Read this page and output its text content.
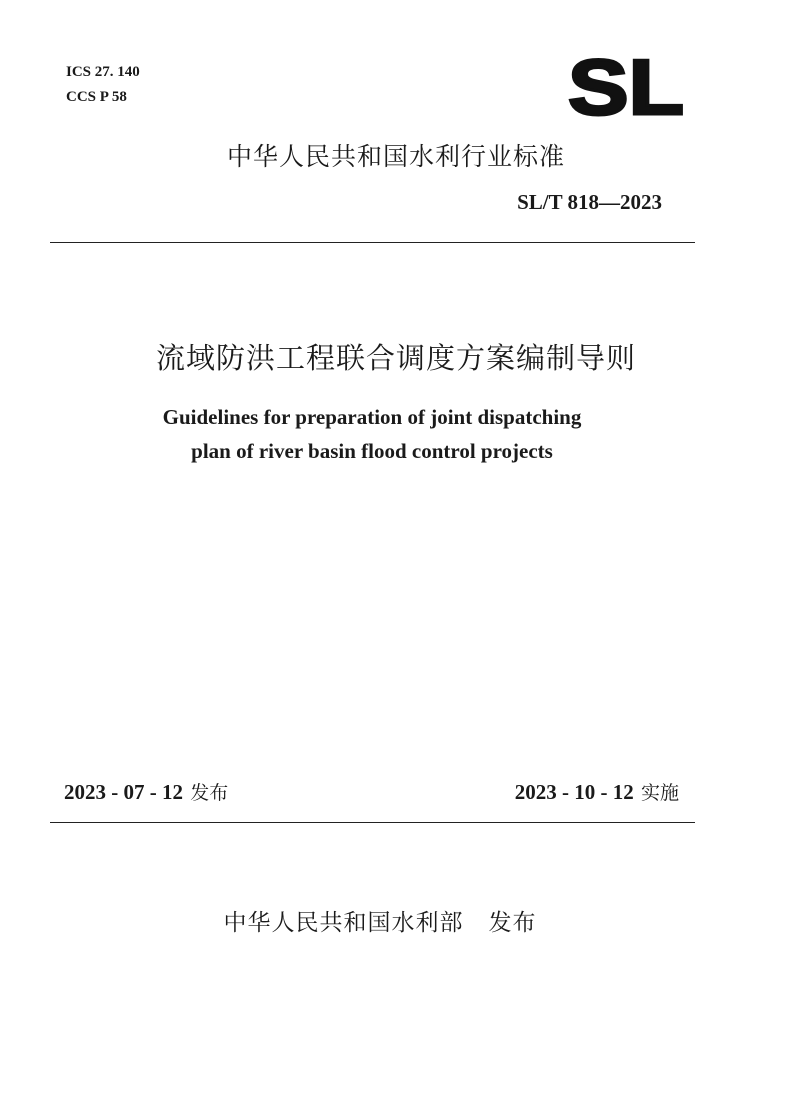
ICS 27. 140
CCS P 58	SL
中华人民共和国水利行业标准
SL/T 818—2023
流域防洪工程联合调度方案编制导则
Guidelines for preparation of joint dispatching
plan of river basin flood control projects
2023 - 07 - 12 发布	2023 - 10 - 12 实施
中华人民共和国水利部 发布
